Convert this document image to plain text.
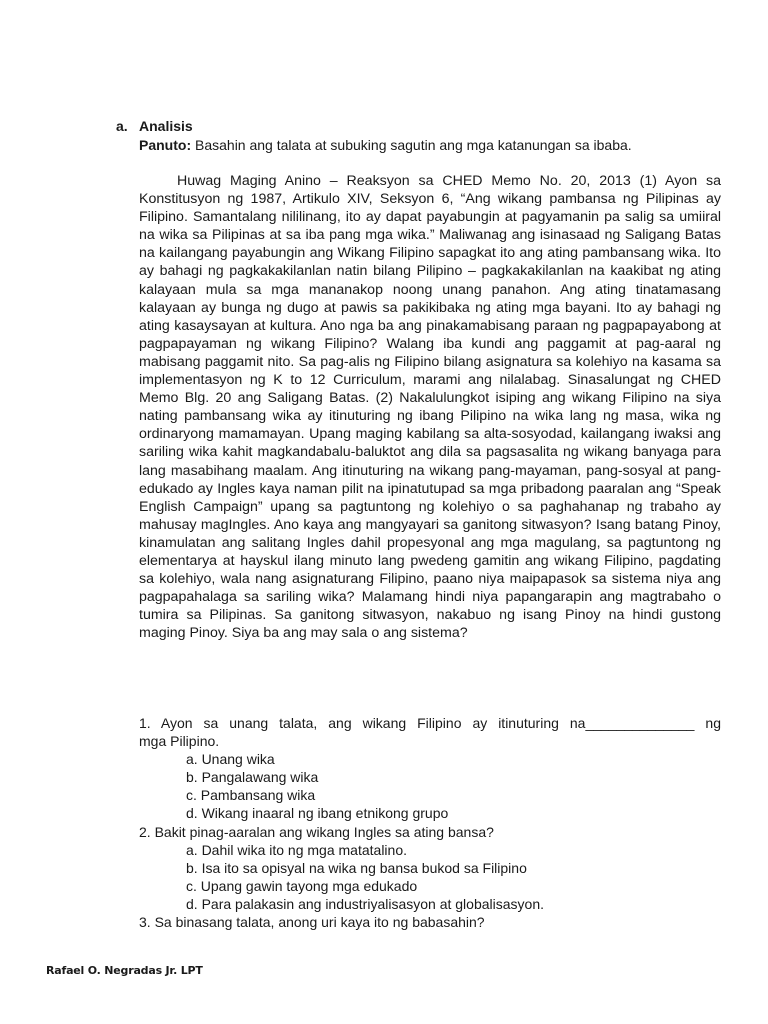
a. Analisis
Panuto: Basahin ang talata at subuking sagutin ang mga katanungan sa ibaba.

Huwag Maging Anino – Reaksyon sa CHED Memo No. 20, 2013 (1) Ayon sa Konstitusyon ng 1987, Artikulo XIV, Seksyon 6, “Ang wikang pambansa ng Pilipinas ay Filipino. Samantalang nililinang, ito ay dapat payabungin at pagyamanin pa salig sa umiiral na wika sa Pilipinas at sa iba pang mga wika.” Maliwanag ang isinasaad ng Saligang Batas na kailangang payabungin ang Wikang Filipino sapagkat ito ang ating pambansang wika. Ito ay bahagi ng pagkakakilanlan natin bilang Pilipino – pagkakakilanlan na kaakibat ng ating kalayaan mula sa mga mananakop noong unang panahon. Ang ating tinatamasang kalayaan ay bunga ng dugo at pawis sa pakikibaka ng ating mga bayani. Ito ay bahagi ng ating kasaysayan at kultura. Ano nga ba ang pinakamabisang paraan ng pagpapayabong at pagpapayaman ng wikang Filipino? Walang iba kundi ang paggamit at pag-aaral ng mabisang paggamit nito. Sa pag-alis ng Filipino bilang asignatura sa kolehiyo na kasama sa implementasyon ng K to 12 Curriculum, marami ang nilalabag. Sinasalungat ng CHED Memo Blg. 20 ang Saligang Batas. (2) Nakalulungkot isiping ang wikang Filipino na siya nating pambansang wika ay itinuturing ng ibang Pilipino na wika lang ng masa, wika ng ordinaryong mamamayan. Upang maging kabilang sa alta-sosyodad, kailangang iwaksi ang sariling wika kahit magkandabalu-baluktot ang dila sa pagsasalita ng wikang banyaga para lang masabihang maalam. Ang itinuturing na wikang pang-mayaman, pang-sosyal at pang-edukado ay Ingles kaya naman pilit na ipinatutupad sa mga pribadong paaralan ang “Speak English Campaign” upang sa pagtuntong ng kolehiyo o sa paghahanap ng trabaho ay mahusay magIngles. Ano kaya ang mangyayari sa ganitong sitwasyon? Isang batang Pinoy, kinamulatan ang salitang Ingles dahil propesyonal ang mga magulang, sa pagtuntong ng elementarya at hayskul ilang minuto lang pwedeng gamitin ang wikang Filipino, pagdating sa kolehiyo, wala nang asignaturang Filipino, paano niya maipapasok sa sistema niya ang pagpapahalaga sa sariling wika? Malamang hindi niya papangarapin ang magtrabaho o tumira sa Pilipinas. Sa ganitong sitwasyon, nakabuo ng isang Pinoy na hindi gustong maging Pinoy. Siya ba ang may sala o ang sistema?

1. Ayon sa unang talata, ang wikang Filipino ay itinuturing na______________ ng

mga Pilipino.

a. Unang wika
b. Pangalawang wika
c. Pambansang wika
d. Wikang inaaral ng ibang etnikong grupo

2. Bakit pinag-aaralan ang wikang Ingles sa ating bansa?

a. Dahil wika ito ng mga matatalino.
b. Isa ito sa opisyal na wika ng bansa bukod sa Filipino
c. Upang gawin tayong mga edukado
d. Para palakasin ang industriyalisasyon at globalisasyon.

3. Sa binasang talata, anong uri kaya ito ng babasahin?

Rafael O. Negradas Jr. LPT
